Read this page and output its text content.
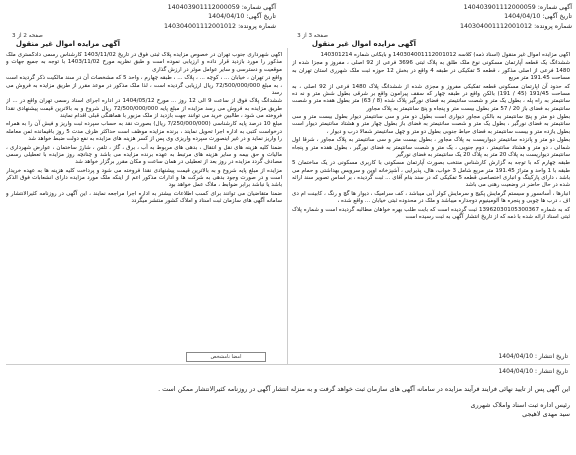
آگهی شماره: 140403901112000059
تاریخ آگهی: 1404/04/10
شماره پرونده: 140304001112001012
آگهی شماره: 140403901112000059
تاریخ آگهی: 1404/04/10
شماره پرونده: 140304001112001012
صفحه 2 از 3	صفحه 3 از 3
آگهی مزایده اموال غیر منقول
آگهی مزایده اموال غیر منقول

اگهی مزایده اموال غیر منقول (اسناد ذمه) کلاسه 140304001112001012 و بایگانی شماره 140301214

ششدانگ یک قطعه آپارتمان مسکونی نوع ملک طلق به پلاک ثبتی 3696 فرعی از 92 اصلی ، مفروز و مجزا شده از 1480 فرعی از اصلی مذکور ، قطعه 5 تفکیکی در طبقه 4 واقع در بخش 12 حوزه ثبت ملک شهرری استان تهران به مساحت 191.45 متر مربع

که حدود آن اپارتمان مسکونی قطعه تفکیکی مفروز و مجزی شده از ششدانگ پلاک 1480 فرعی از 92 اصلی ، به مساحت 191/45 (45 / 191) بالکن واقع در طبقه چهار که سقف پیرامون واقع بر شرقی بطول شش متر و نه ده سانتیمتر به راه پله ، بطول یک متر و شصت سانتیمتر به فضای نورگیر پلاک شده (8 / 63) متر بطول هفده متر و شصت سانتیمتر به فضای باز 20 / 57 متر بطول بیست متر و پنجاه و پنج سانتیمتر به پلاک مجاور

بطول دو متر و پنج سانتیمتر به بالکن مجاور دیواری است بطول دو متر و سی سانتیمتر دیوار بطول بیست متر و سی سانتیمتر به فضای نورگیر ، بطول یک متر و شصت سانتیمتر به فضای باز بطول چهار متر و هشتاد سانتیمتر دیوار است بطول یازده متر و بیست سانتیمتر به فضای حیاط جنوبی بطول دو متر و چهل سانتیمتر شمالا درب و دیوار ،

بطول دو متر و پانزده سانتیمتر دیواریست به پلاک مجاور ، بطول بیست متر و سی سانتیمتر به پلاک مجاور ، شرقا اول شمالی ، دو متر و هشتاد سانتیمتر ، دوم جنوبی ، یک متر و شصت سانتیمتر به فضای نورگیر ، بطول هفده متر و پنجاه سانتیمتر دیواریست به پلاک 20 متر به پلاک 20 یک سانتیمتر به فضای نورگیر

طبقه چهارم که با توجه به گزارش کارشناس منتخب بصورت آپارتمان مسکونی با کاربری مسکونی در یک ساختمان 5 طبقه با 1 واحد و متراژ 191.45 متر مربع شامل 3 خواب، هال، پذیرایی ، آشپزخانه اوپن و سرویس بهداشتی و حمام می باشد ، دارای پارکینگ و انباری اختصاصی قطعه 5 تفکیکی که در سند بنام آقای ... ثبت گردیده ، بر اساس تصویر سند ارائه شده در حال حاضر در وضعیت رهنی می باشد

انبارها ، آسانسور و سیستم گرمایش پکیج و سرمایش کولر آبی میباشد ، کف سرامیک ، دیوار ها گچ و رنگ ، کابینت ام دی اف ، درب ها چوبی و پنجره ها آلومینیوم دوجداره میباشد و ملک در محدوده ثبتی خیابان ... واقع شده ،

که به شماره 13962030105300367 ثبت گردیده است که بابت طلب بهره خواهان مطالبه گردیده است و شماره پلاک ثبتی اسناد ارائه شده با ذمه که از تاریخ انتشار آگهی به ثبت رسیده است

اگهی شهرداری جنوب تهران در خصوص مزایده پلاک ثبتی فوق در تاریخ 1403/11/02 کارشناس رسمی دادگستری ملک مذکور را مورد بازدید قرار داده و ارزیابی نموده است و طبق نظریه مورخ 1403/11/02 با توجه به جمیع جهات و موقعیت و دسترسی و سایر عوامل موثر در ارزش گذاری

واقع در تهران ، خیابان ... ، کوچه ... ، پلاک ... ، طبقه چهارم ، واحد 5 که مشخصات آن در سند مالکیت ذکر گردیده است ، به مبلغ 72/500/000/000 ریال ارزیابی گردیده است ، لذا ملک مذکور در موعد مقرر از طریق مزایده به فروش می رسد

ششدانگ پلاک فوق از ساعت 9 الی 12 روز ... مورخ 1404/05/12 در اداره اجرای اسناد رسمی تهران واقع در ... از طریق مزایده به فروش می رسد مزایده از مبلغ پایه 72/500/000/000 ریال شروع و به بالاترین قیمت پیشنهادی نقدا فروخته می شود ، طالبین خرید می توانند جهت بازدید از ملک مزبور با هماهنگی قبلی اقدام نمایند

مبلغ 10 درصد پایه کارشناسی (7/250/000/000 ریال) بصورت نقد به حساب سپرده ثبت واریز و فیش آن را به همراه درخواست کتبی به اداره اجرا تحویل نمایند ، برنده مزایده موظف است حداکثر ظرف مدت 5 روز باقیمانده ثمن معامله را واریز نماید و در غیر اینصورت سپرده واریزی وی پس از کسر هزینه های مزایده به نفع دولت ضبط خواهد شد

ضمنا کلیه هزینه های نقل و انتقال ، بدهی های مربوط به آب ، برق ، گاز ، تلفن ، شارژ ساختمان ، عوارض شهرداری ، مالیات و حق بیمه و سایر هزینه های مرتبط به عهده برنده مزایده می باشد و چنانچه روز مزایده با تعطیلی رسمی مصادف گردد مزایده در روز بعد از تعطیلی در همان ساعت و مکان مقرر برگزار خواهد شد

مزایده از مبلغ پایه شروع و به بالاترین قیمت پیشنهادی نقدا فروخته می شود و پرداخت کلیه هزینه ها به عهده خریدار است و در صورت وجود بدهی به شرکت ها و ادارات مذکور اعم از اینکه ملک مورد مزایده دارای انشعابات فوق الذکر باشد یا نباشد برابر ضوابط ، ملاک عمل خواهد بود

ضمنا متقاضیان می توانند برای کسب اطلاعات بیشتر به اداره اجرا مراجعه نمایند ، این آگهی در روزنامه کثیرالانتشار و سامانه آگهی های سازمان ثبت اسناد و املاک کشور منتشر میگردد

امضا نامشخص	تاریخ انتشار : 1404/04/10
تاریخ انتشار : 1404/04/10
این آگهی پس از تایید نهائی فرایند فرآیند مزایده در سامانه آگهی های سازمان ثبت خواهد گرفت و به منزله انتشار آگهی در روزنامه کثیرالانتشار ممکن است .
رئیس اداره ثبت اسناد واملاک شهرری
سید مهدی لاهیجی
